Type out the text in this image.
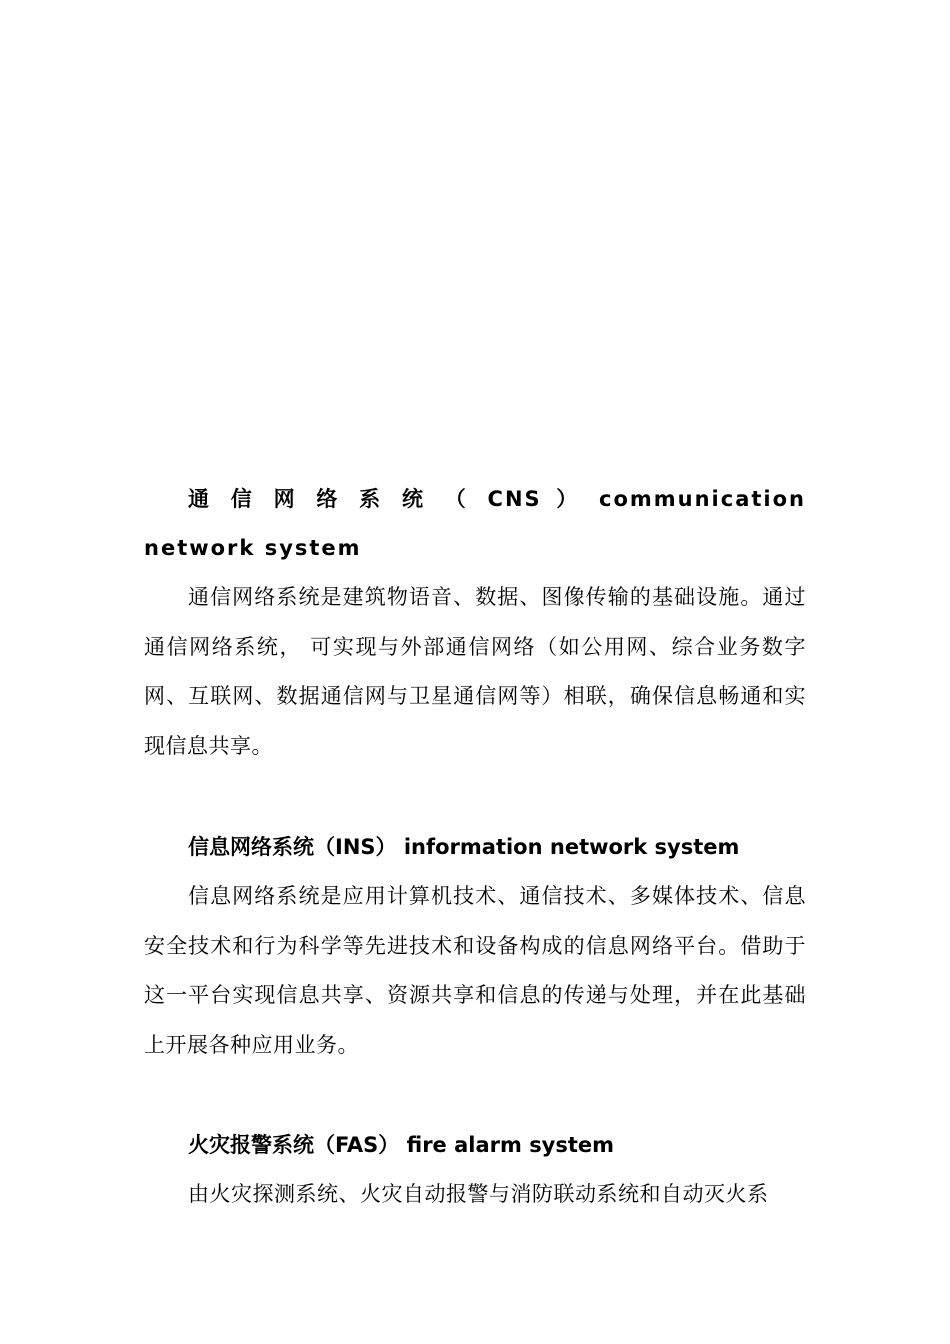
通 信 网 络 系 统 （ CNS ） communication network system

通信网络系统是建筑物语音、数据、图像传输的基础设施。通过通信网络系统， 可实现与外部通信网络（如公用网、综合业务数字网、互联网、数据通信网与卫星通信网等）相联，确保信息畅通和实现信息共享。

信息网络系统（INS） information network system

信息网络系统是应用计算机技术、通信技术、多媒体技术、信息安全技术和行为科学等先进技术和设备构成的信息网络平台。借助于这一平台实现信息共享、资源共享和信息的传递与处理，并在此基础上开展各种应用业务。

火灾报警系统（FAS） fire alarm system

由火灾探测系统、火灾自动报警与消防联动系统和自动灭火系
